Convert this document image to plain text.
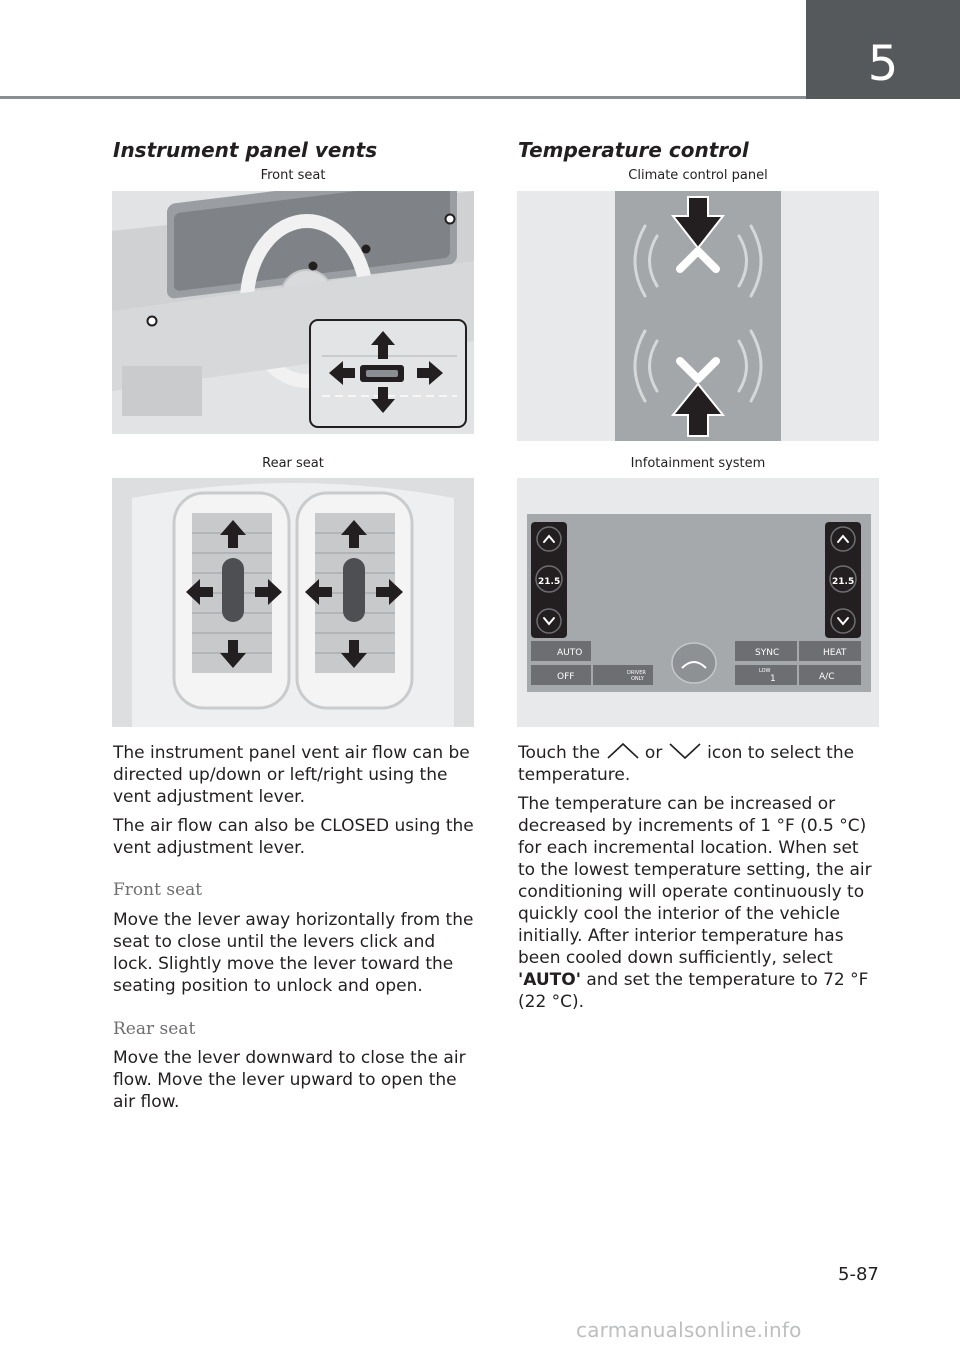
5
Instrument panel vents
Front seat
Rear seat

The instrument panel vent air flow can be directed up/down or left/right using the vent adjustment lever.

The air flow can also be CLOSED using the vent adjustment lever.

Front seat

Move the lever away horizontally from the seat to close until the levers click and lock. Slightly move the lever toward the seating position to unlock and open.

Rear seat

Move the lever downward to close the air flow. Move the lever upward to open the air flow.

Temperature control
Climate control panel
Infotainment system
21.5	21.5
AUTO
OFF	DRIVER
ONLY
SYNC	HEAT
LOW
1	A/C

Touch the	or	icon to select the temperature.

The temperature can be increased or decreased by increments of 1 °F (0.5 °C) for each incremental location. When set to the lowest temperature setting, the air conditioning will operate continuously to quickly cool the interior of the vehicle initially. After interior temperature has been cooled down sufficiently, select 'AUTO' and set the temperature to 72 °F (22 °C).

5-87
carmanualsonline.info
